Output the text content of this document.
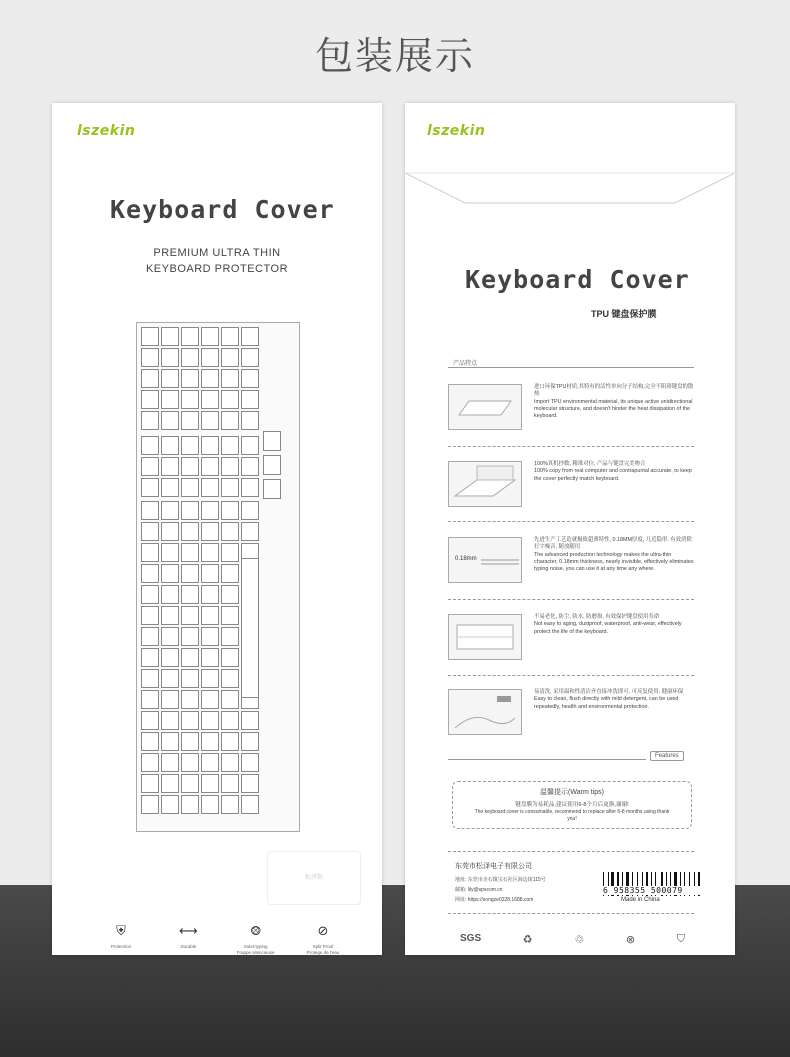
包装展示
lszekin
Keyboard Cover
PREMIUM ULTRA THIN
KEYBOARD PROTECTOR
松泽数
⛨
Protection
⟷
Durable
⨷
Sulet-typing
Frappe silencieuse
⊘
Split Proof
Protege de l'eau
lszekin
Keyboard Cover
TPU 键盘保护膜
产品特点
进口环保TPU材质,其特有的活性单向分子结构,完全不阻碍键盘的散热
Import TPU environmental material, its unique active unidirectional molecular structure, and doesn't hinder the heat dissipation of the keyboard.
100%真机抄数, 精准对位, 产品与键盘完美吻合
100% copy from real computer and contrapuntal accurate, to keep the cover perfectly match keyboard.
0.18mm
先进生产工艺造就极致超薄特性, 0.18MM厚度, 几近隐形, 有效消除打字噪音, 随放随用
The advanced production technology makes the ultra-thin character, 0.18mm thickness, nearly invisible, effectively eliminates typing noise, you can use it at any time any where.
不易老化, 防尘, 防水, 防磨损, 有效保护键盘使用寿命
Not easy to aging, dustproof, waterproof, anti-wear, effectively protect the life of the keyboard.
易清洗, 采用温和性清洁齐直接冲洗即可, 可反复使用, 健康环保
Easy to clean, flush directly with mild detergent, can be used repeatedly, health and environmental protection.
Features
温馨提示(Warm tips)
键盘膜为易耗品,建议使用6-8个月后更换,谢谢!
The keyboard cover is consumable, recommend to replace after 6-8 months using thank you!
东莞市松泽电子有限公司
地址: 东莞市企石镇宝石社区海边街115号
邮箱: lily@spscom.cn
网址: https://songze0228.1688.com
6 958355 500079
Made in China
SGS	♻	♲	⊗	⛉
